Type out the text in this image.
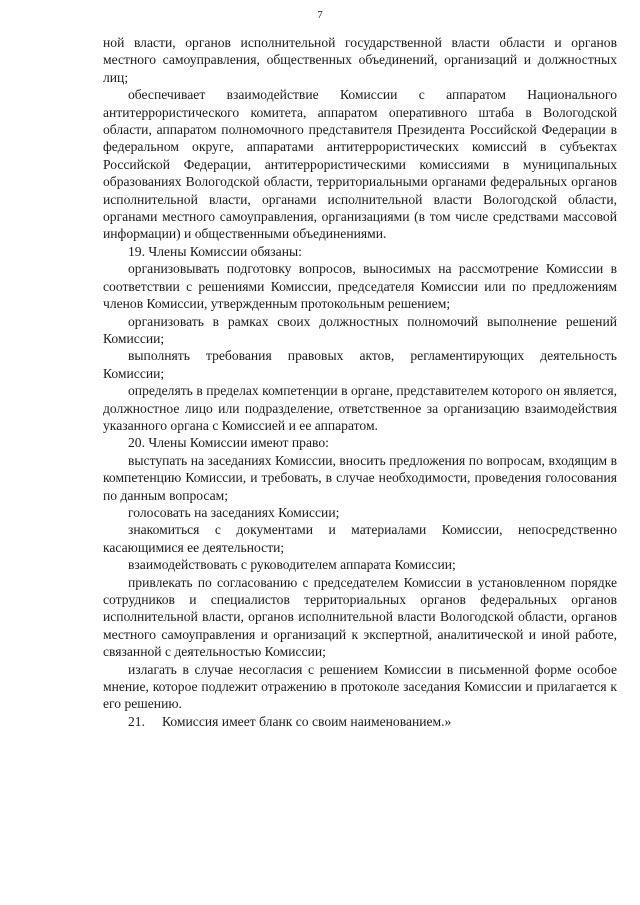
7

ной власти, органов исполнительной государственной власти области и органов местного самоуправления, общественных объединений, организаций и должностных лиц;

обеспечивает взаимодействие Комиссии с аппаратом Национального антитеррористического комитета, аппаратом оперативного штаба в Вологодской области, аппаратом полномочного представителя Президента Российской Федерации в федеральном округе, аппаратами антитеррористических комиссий в субъектах Российской Федерации, антитеррористическими комиссиями в муниципальных образованиях Вологодской области, территориальными органами федеральных органов исполнительной власти, органами исполнительной власти Вологодской области, органами местного самоуправления, организациями (в том числе средствами массовой информации) и общественными объединениями.

19. Члены Комиссии обязаны:

организовывать подготовку вопросов, выносимых на рассмотрение Комиссии в соответствии с решениями Комиссии, председателя Комиссии или по предложениям членов Комиссии, утвержденным протокольным решением;

организовать в рамках своих должностных полномочий выполнение решений Комиссии;

выполнять требования правовых актов, регламентирующих деятельность Комиссии;

определять в пределах компетенции в органе, представителем которого он является, должностное лицо или подразделение, ответственное за организацию взаимодействия указанного органа с Комиссией и ее аппаратом.

20. Члены Комиссии имеют право:

выступать на заседаниях Комиссии, вносить предложения по вопросам, входящим в компетенцию Комиссии, и требовать, в случае необходимости, проведения голосования по данным вопросам;

голосовать на заседаниях Комиссии;

знакомиться с документами и материалами Комиссии, непосредственно касающимися ее деятельности;

взаимодействовать с руководителем аппарата Комиссии;

привлекать по согласованию с председателем Комиссии в установленном порядке сотрудников и специалистов территориальных органов федеральных органов исполнительной власти, органов исполнительной власти Вологодской области, органов местного самоуправления и организаций к экспертной, аналитической и иной работе, связанной с деятельностью Комиссии;

излагать в случае несогласия с решением Комиссии в письменной форме особое мнение, которое подлежит отражению в протоколе заседания Комиссии и прилагается к его решению.

21. Комиссия имеет бланк со своим наименованием.»
